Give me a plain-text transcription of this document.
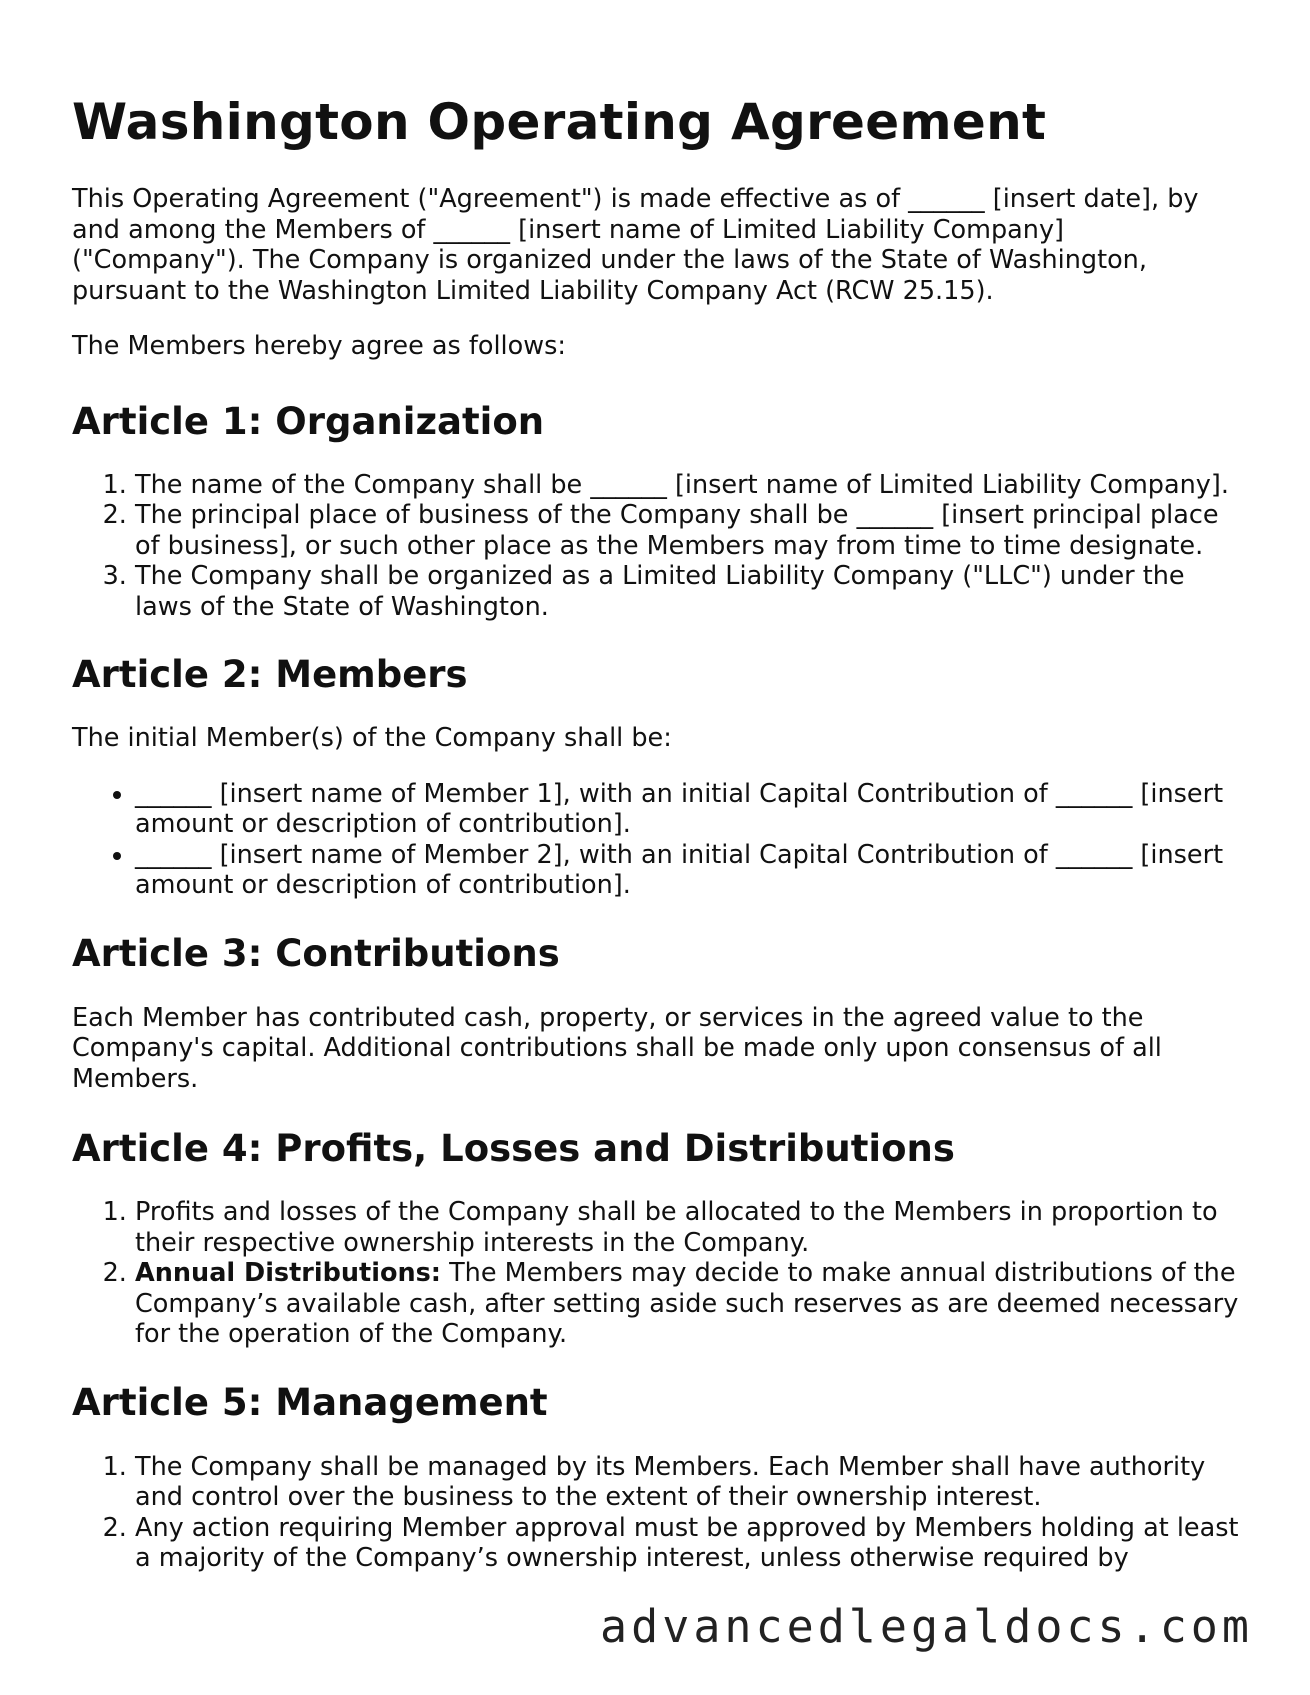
Washington Operating Agreement

This Operating Agreement ("Agreement") is made effective as of ______ [insert date], by and among the Members of ______ [insert name of Limited Liability Company] ("Company"). The Company is organized under the laws of the State of Washington, pursuant to the Washington Limited Liability Company Act (RCW 25.15).

The Members hereby agree as follows:

Article 1: Organization
1. The name of the Company shall be ______ [insert name of Limited Liability Company].
2. The principal place of business of the Company shall be ______ [insert principal place of business], or such other place as the Members may from time to time designate.
3. The Company shall be organized as a Limited Liability Company ("LLC") under the laws of the State of Washington.
Article 2: Members

The initial Member(s) of the Company shall be:

• ______ [insert name of Member 1], with an initial Capital Contribution of ______ [insert amount or description of contribution].
• ______ [insert name of Member 2], with an initial Capital Contribution of ______ [insert amount or description of contribution].
Article 3: Contributions

Each Member has contributed cash, property, or services in the agreed value to the Company's capital. Additional contributions shall be made only upon consensus of all Members.

Article 4: Profits, Losses and Distributions
1. Profits and losses of the Company shall be allocated to the Members in proportion to their respective ownership interests in the Company.
2. Annual Distributions: The Members may decide to make annual distributions of the Company’s available cash, after setting aside such reserves as are deemed necessary for the operation of the Company.
Article 5: Management
1. The Company shall be managed by its Members. Each Member shall have authority and control over the business to the extent of their ownership interest.
2. Any action requiring Member approval must be approved by Members holding at least a majority of the Company’s ownership interest, unless otherwise required by
advancedlegaldocs.com
